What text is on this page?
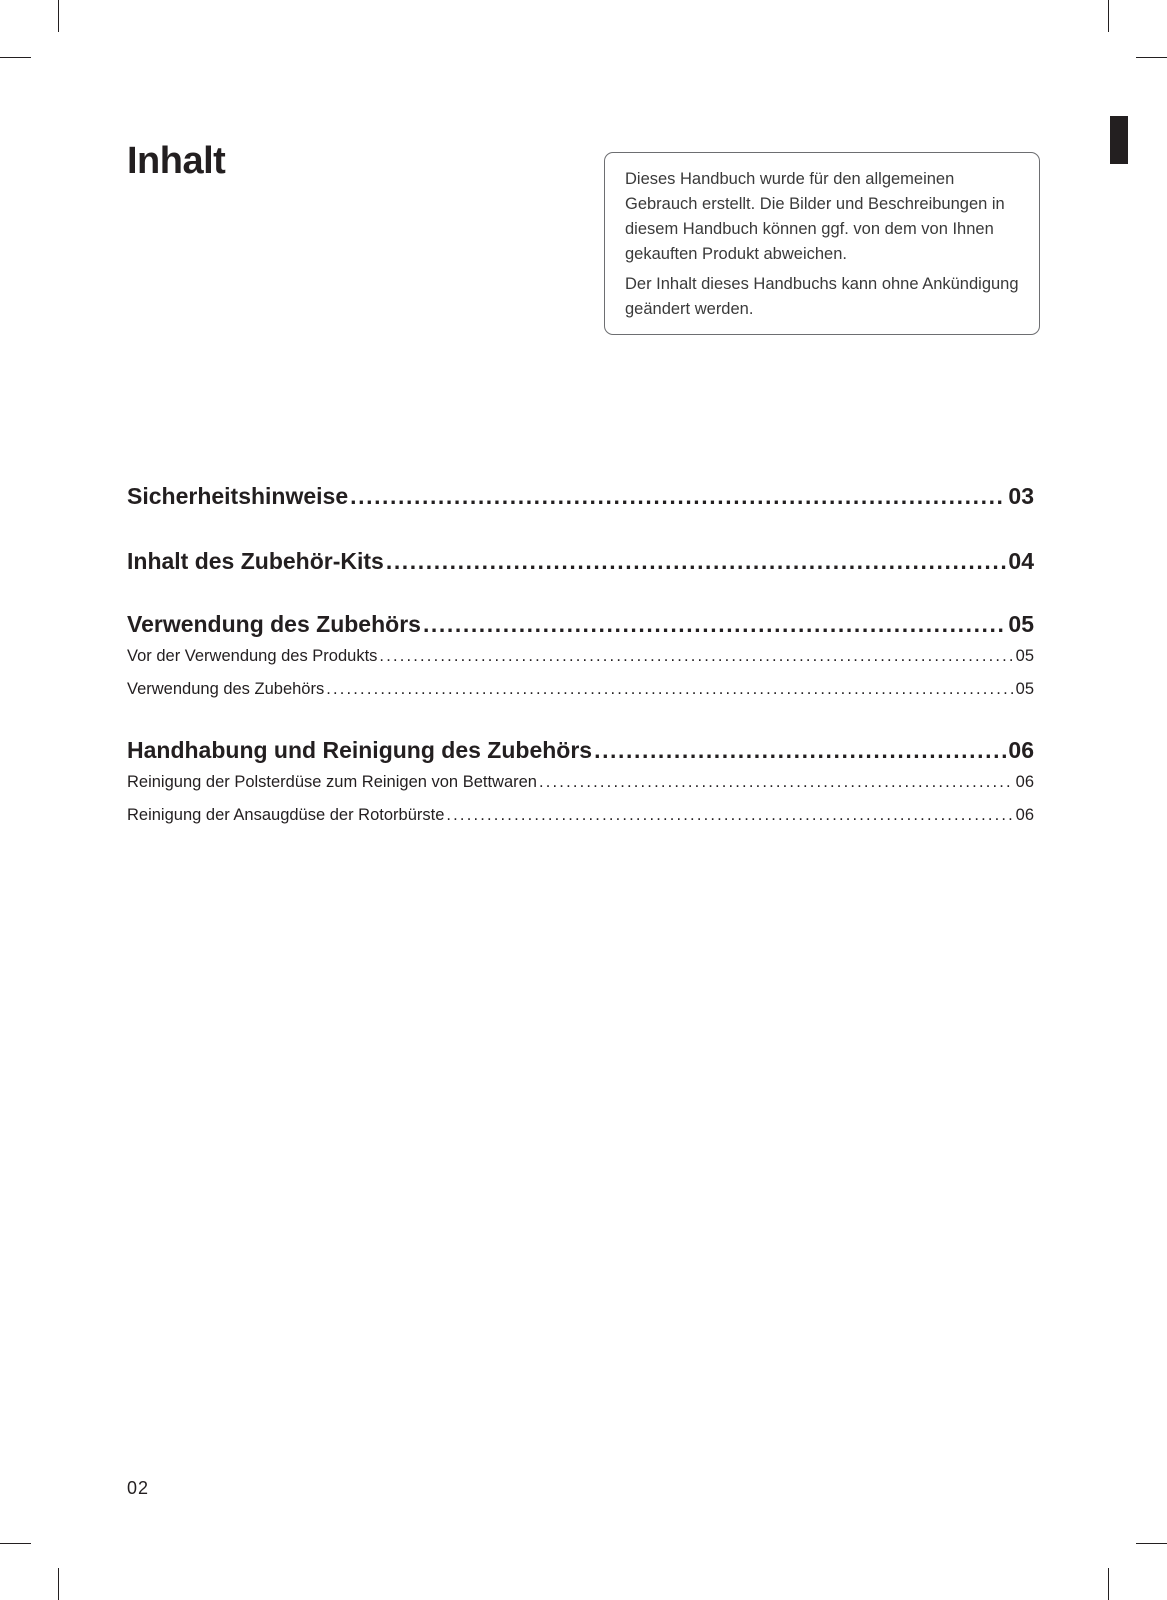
Inhalt	Dieses Handbuch wurde für den allgemeinen Gebrauch erstellt. Die Bilder und Beschreibungen in diesem Handbuch können ggf. von dem von Ihnen gekauften Produkt abweichen.

Der Inhalt dieses Handbuchs kann ohne Ankündigung geändert werden.

Sicherheitshinweise . . .	03
Inhalt des Zubehör-Kits . . .	04
Verwendung des Zubehörs . . .	05
Vor der Verwendung des Produkts . . .	05
Verwendung des Zubehörs . . .	05
Handhabung und Reinigung des Zubehörs . . .	06
Reinigung der Polsterdüse zum Reinigen von Bettwaren . . .	06
Reinigung der Ansaugdüse der Rotorbürste . . .	06
02
